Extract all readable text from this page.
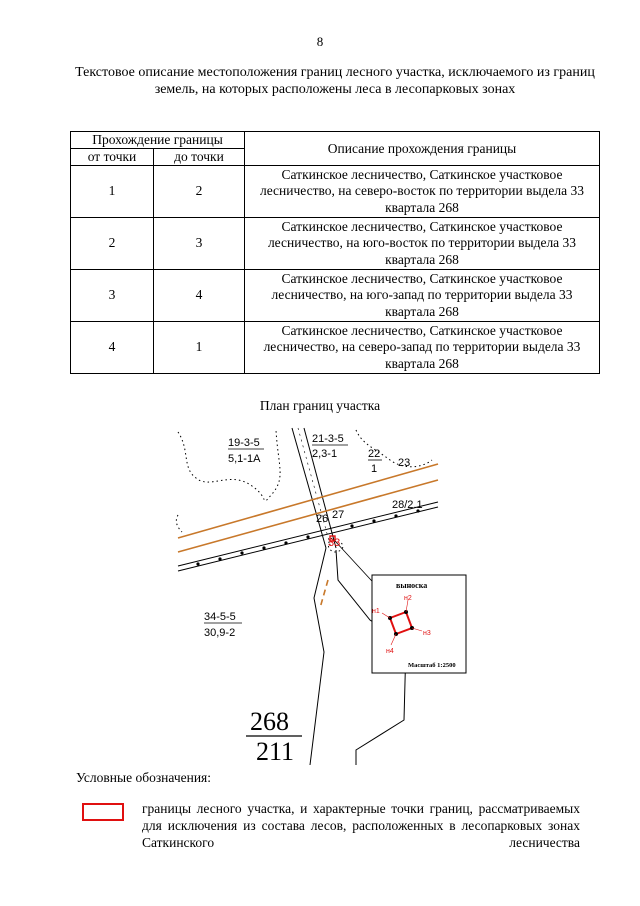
8
Текстовое описание местоположения границ лесного участка, исключаемого из границ земель, на которых расположены леса в лесопарковых зонах
Прохождение границы		Описание прохождения границы
от точки	до точки	
1	2	Саткинское лесничество, Саткинское участковое лесничество, на северо-восток по территории выдела 33 квартала 268
2	3	Саткинское лесничество, Саткинское участковое лесничество, на юго-восток по территории выдела 33 квартала 268
3	4	Саткинское лесничество, Саткинское участковое лесничество, на юго-запад по территории выдела 33 квартала 268
4	1	Саткинское лесничество, Саткинское участковое лесничество, на северо-запад по территории выдела 33 квартала 268
План границ участка
19-3-5
5,1-1А
21-3-5
2,3-1	22
1 23
28/2.1
26 27
33
34-5-5
30,9-2
268
211
выноска
н1
н2
н3
н4
Масштаб 1:2500
Условные обозначения:
границы лесного участка, и характерные точки границ, рассматриваемых для исключения из состава лесов, расположенных в лесопарковых зонах Саткинского лесничества
